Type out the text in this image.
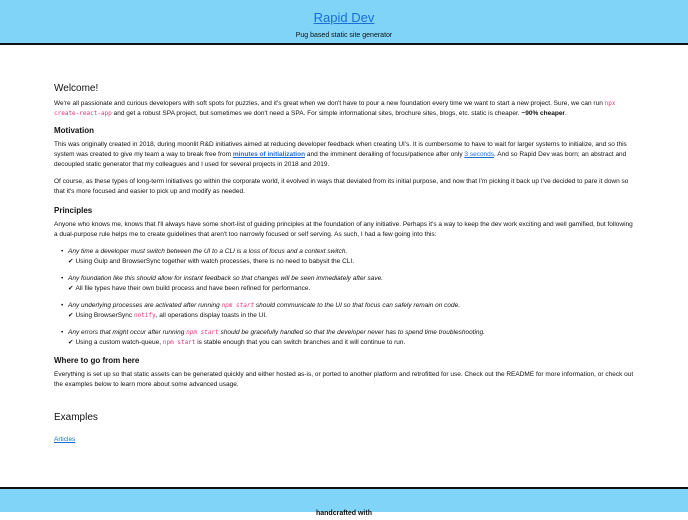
Rapid Dev
Pug based static site generator
Welcome!

We're all passionate and curious developers with soft spots for puzzles, and it's great when we don't have to pour a new foundation every time we want to start a new project. Sure, we can run npx create-react-app and get a robust SPA project, but sometimes we don't need a SPA. For simple informational sites, brochure sites, blogs, etc. static is cheaper. ~90% cheaper.

Motivation

This was originally created in 2018, during moonlit R&D initiatives aimed at reducing developer feedback when creating UI's. It is cumbersome to have to wait for larger systems to initialize, and so this system was created to give my team a way to break free from minutes of initialization and the imminent derailing of focus/patience after only 3 seconds. And so Rapid Dev was born; an abstract and decoupled static generator that my colleagues and I used for several projects in 2018 and 2019.

Of course, as these types of long-term initiatives go within the corporate world, it evolved in ways that deviated from its initial purpose, and now that I'm picking it back up I've decided to pare it down so that it's more focused and easier to pick up and modify as needed.

Principles

Anyone who knows me, knows that I'll always have some short-list of guiding principles at the foundation of any initiative. Perhaps it's a way to keep the dev work exciting and well gamified, but following a dual-purpose rule helps me to create guidelines that aren't too narrowly focused or self serving. As such, I had a few going into this:

• Any time a developer must switch between the UI to a CLI is a loss of focus and a context switch.
✔ Using Gulp and BrowserSync together with watch processes, there is no need to babysit the CLI.
• Any foundation like this should allow for instant feedback so that changes will be seen immediately after save.
✔ All file types have their own build process and have been refined for performance.
• Any underlying processes are activated after running npm start should communicate to the UI so that focus can safely remain on code.
✔ Using BrowserSync notify, all operations display toasts in the UI.
• Any errors that might occur after running npm start should be gracefully handled so that the developer never has to spend time troubleshooting.
✔ Using a custom watch-queue, npm start is stable enough that you can switch branches and it will continue to run.
Where to go from here

Everything is set up so that static assets can be generated quickly and either hosted as-is, or ported to another platform and retrofitted for use. Check out the README for more information, or check out the examples below to learn more about some advanced usage.

Examples
Articles
handcrafted with
